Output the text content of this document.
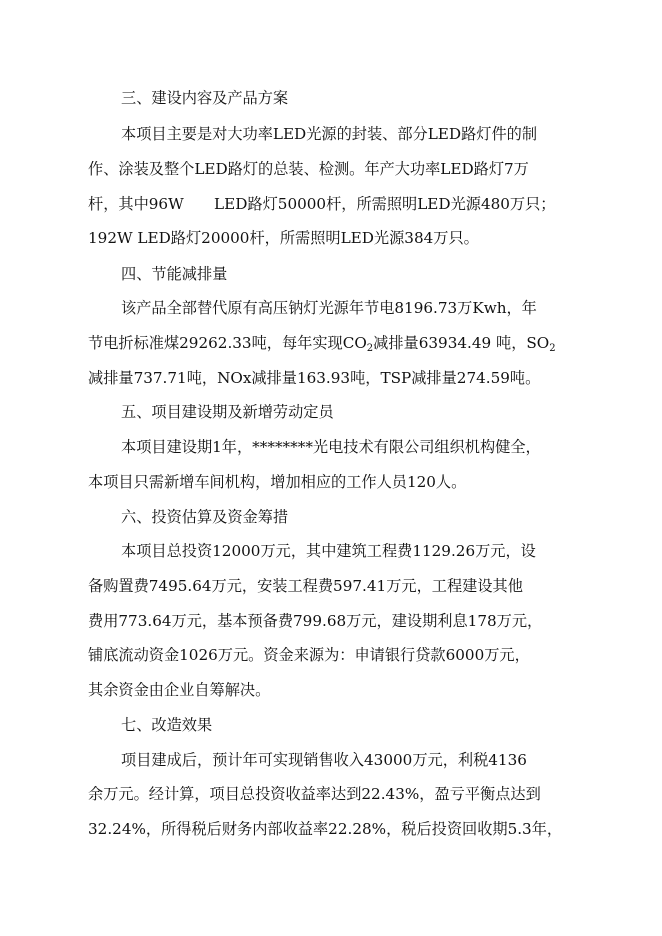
三、建设内容及产品方案
本项目主要是对大功率LED光源的封装、部分LED路灯件的制
作、涂装及整个LED路灯的总装、检测。年产大功率LED路灯7万
杆，其中96W　　LED路灯50000杆，所需照明LED光源480万只；
192W LED路灯20000杆，所需照明LED光源384万只。
四、节能减排量
该产品全部替代原有高压钠灯光源年节电8196.73万Kwh，年
节电折标准煤29262.33吨，每年实现$CO_2$减排量63934.49 吨，$SO_2$
减排量737.71吨，NOx减排量163.93吨，TSP减排量274.59吨。
五、项目建设期及新增劳动定员
本项目建设期1年，********光电技术有限公司组织机构健全，
本项目只需新增车间机构，增加相应的工作人员120人。
六、投资估算及资金筹措
本项目总投资12000万元，其中建筑工程费1129.26万元，设
备购置费7495.64万元，安装工程费597.41万元，工程建设其他
费用773.64万元，基本预备费799.68万元，建设期利息178万元，
铺底流动资金1026万元。资金来源为：申请银行贷款6000万元，
其余资金由企业自筹解决。
七、改造效果
项目建成后，预计年可实现销售收入43000万元，利税4136
余万元。经计算，项目总投资收益率达到22.43%，盈亏平衡点达到
32.24%，所得税后财务内部收益率22.28%，税后投资回收期5.3年，
